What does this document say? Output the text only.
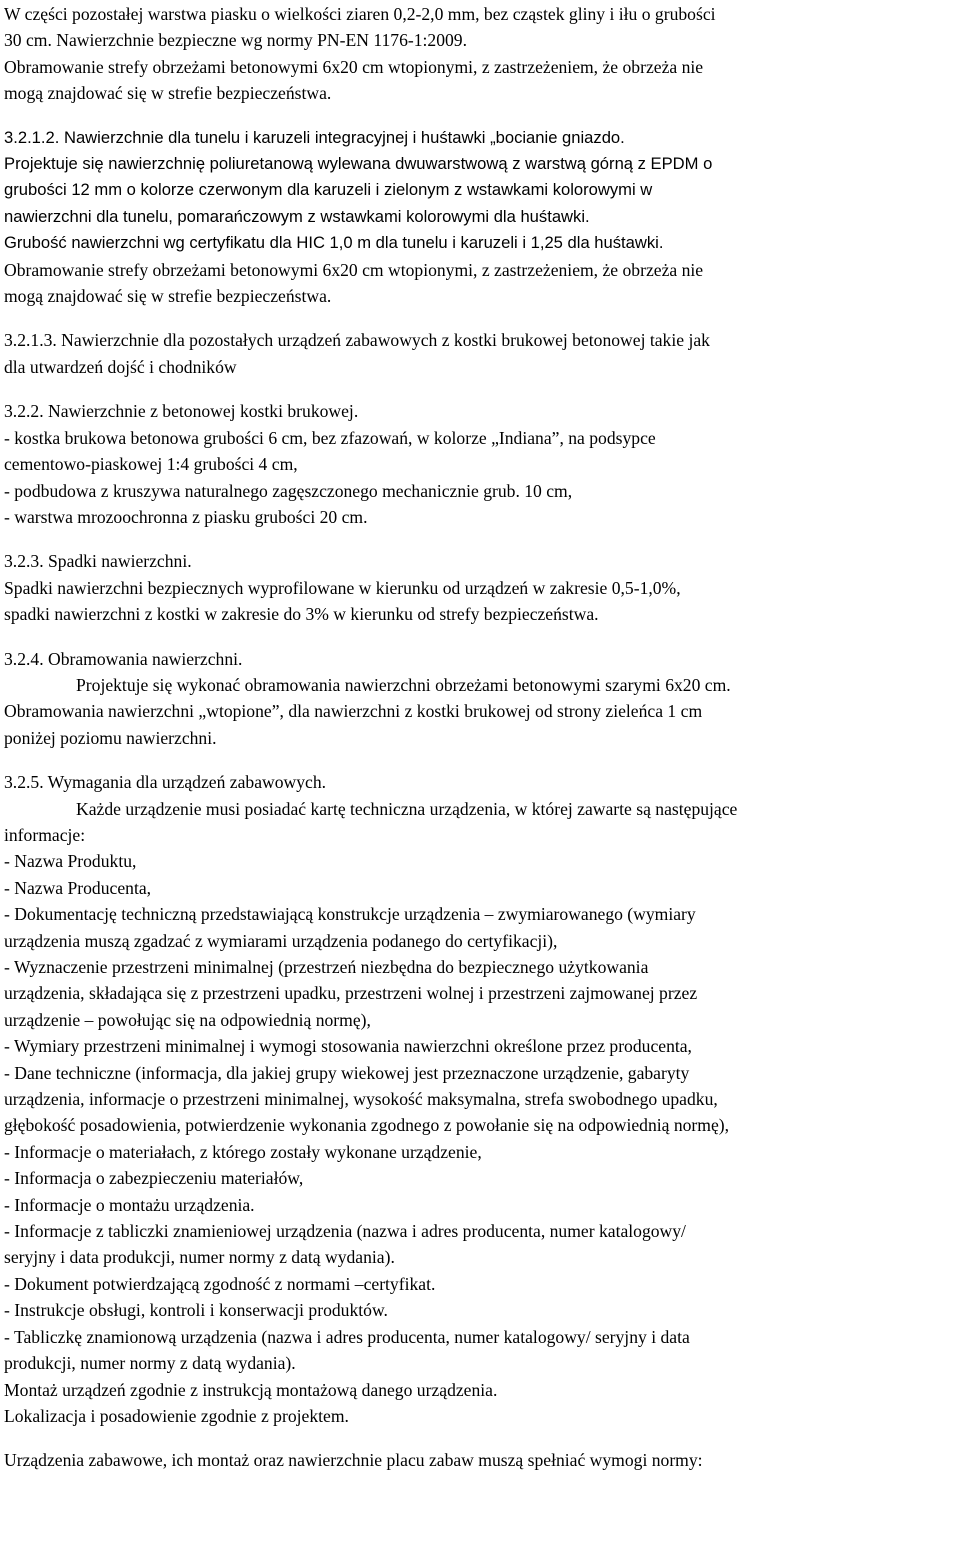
W części pozostałej warstwa piasku o wielkości ziaren 0,2-2,0 mm, bez cząstek gliny i iłu o grubości
30 cm. Nawierzchnie bezpieczne wg normy PN-EN 1176-1:2009.
Obramowanie strefy obrzeżami betonowymi 6x20 cm wtopionymi, z zastrzeżeniem, że obrzeża nie
mogą znajdować się w strefie bezpieczeństwa.

3.2.1.2. Nawierzchnie dla tunelu i karuzeli integracyjnej i huśtawki „bocianie gniazdo.
Projektuje się nawierzchnię poliuretanową wylewana dwuwarstwową z warstwą górną z EPDM o
grubości 12 mm o kolorze czerwonym dla karuzeli i zielonym z wstawkami kolorowymi w
nawierzchni dla tunelu, pomarańczowym z wstawkami kolorowymi dla huśtawki.
Grubość nawierzchni wg certyfikatu dla HIC 1,0 m dla tunelu i karuzeli i 1,25 dla huśtawki.

Obramowanie strefy obrzeżami betonowymi 6x20 cm wtopionymi, z zastrzeżeniem, że obrzeża nie
mogą znajdować się w strefie bezpieczeństwa.

3.2.1.3. Nawierzchnie dla pozostałych urządzeń zabawowych z kostki brukowej betonowej takie jak
dla utwardzeń dojść i chodników

3.2.2. Nawierzchnie z betonowej kostki brukowej.
- kostka brukowa betonowa grubości 6 cm, bez zfazowań, w kolorze „Indiana”, na podsypce
cementowo-piaskowej 1:4 grubości 4 cm,
- podbudowa z kruszywa naturalnego zagęszczonego mechanicznie grub. 10 cm,
- warstwa mrozoochronna z piasku grubości 20 cm.

3.2.3. Spadki nawierzchni.
Spadki nawierzchni bezpiecznych wyprofilowane w kierunku od urządzeń w zakresie 0,5-1,0%,
spadki nawierzchni z kostki w zakresie do 3% w kierunku od strefy bezpieczeństwa.

3.2.4. Obramowania nawierzchni.
Projektuje się wykonać obramowania nawierzchni obrzeżami betonowymi szarymi 6x20 cm.
Obramowania nawierzchni „wtopione”, dla nawierzchni z kostki brukowej od strony zieleńca 1 cm
poniżej poziomu nawierzchni.

3.2.5. Wymagania dla urządzeń zabawowych.
Każde urządzenie musi posiadać kartę techniczna urządzenia, w której zawarte są następujące
informacje:
- Nazwa Produktu,
- Nazwa Producenta,
- Dokumentację techniczną przedstawiającą konstrukcje urządzenia – zwymiarowanego (wymiary
urządzenia muszą zgadzać z wymiarami urządzenia podanego do certyfikacji),
- Wyznaczenie przestrzeni minimalnej (przestrzeń niezbędna do bezpiecznego użytkowania
urządzenia, składająca się z przestrzeni upadku, przestrzeni wolnej i przestrzeni zajmowanej przez
urządzenie – powołując się na odpowiednią normę),
- Wymiary przestrzeni minimalnej i wymogi stosowania nawierzchni określone przez producenta,
- Dane techniczne (informacja, dla jakiej grupy wiekowej jest przeznaczone urządzenie, gabaryty
urządzenia, informacje o przestrzeni minimalnej, wysokość maksymalna, strefa swobodnego upadku,
głębokość posadowienia, potwierdzenie wykonania zgodnego z powołanie się na odpowiednią normę),
- Informacje o materiałach, z którego zostały wykonane urządzenie,
- Informacja o zabezpieczeniu materiałów,
- Informacje o montażu urządzenia.
- Informacje z tabliczki znamieniowej urządzenia (nazwa i adres producenta, numer katalogowy/
seryjny i data produkcji, numer normy z datą wydania).
- Dokument potwierdzającą zgodność z normami –certyfikat.
- Instrukcje obsługi, kontroli i konserwacji produktów.
- Tabliczkę znamionową urządzenia (nazwa i adres producenta, numer katalogowy/ seryjny i data
produkcji, numer normy z datą wydania).
Montaż urządzeń zgodnie z instrukcją montażową danego urządzenia.
Lokalizacja i posadowienie zgodnie z projektem.

Urządzenia zabawowe, ich montaż oraz nawierzchnie placu zabaw muszą spełniać wymogi normy:
